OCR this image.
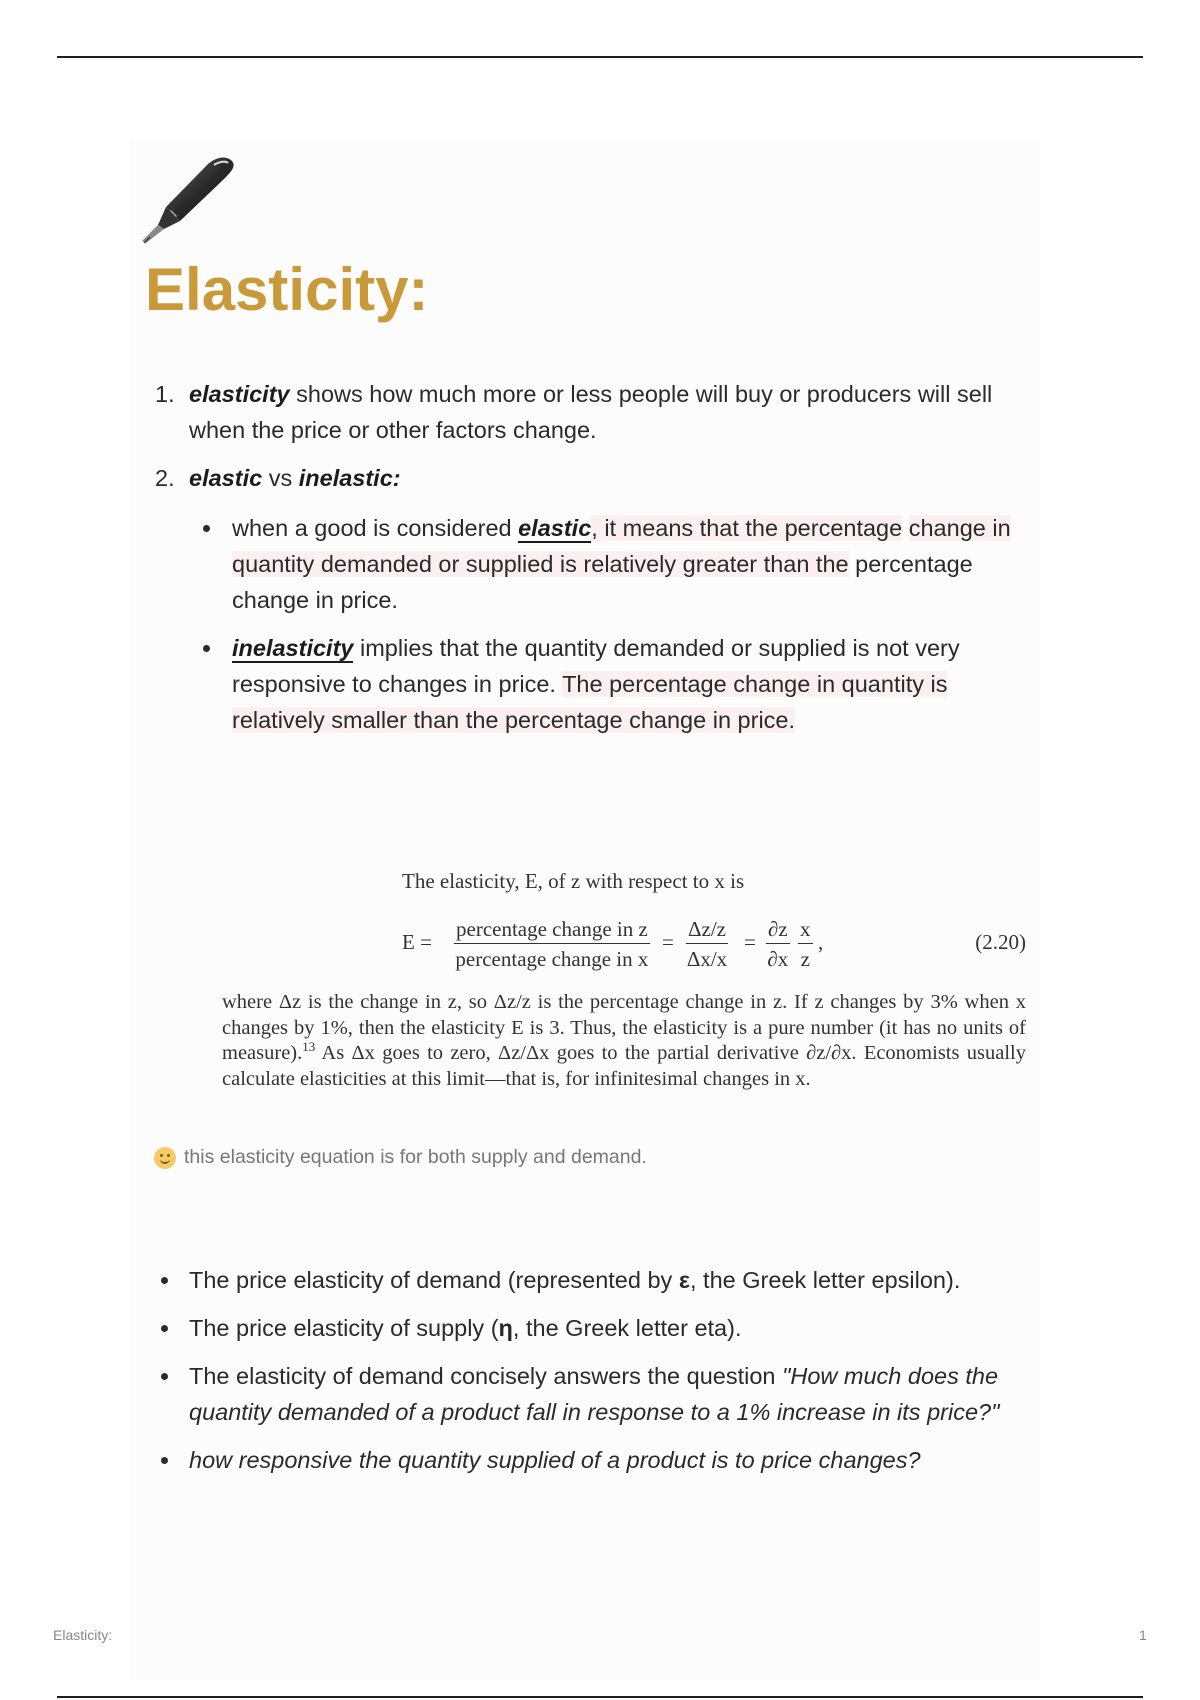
Elasticity:
1. elasticity shows how much more or less people will buy or producers will sell when the price or other factors change.
2. elastic vs inelastic:
when a good is considered elastic, it means that the percentage change in quantity demanded or supplied is relatively greater than the percentage change in price.
inelasticity implies that the quantity demanded or supplied is not very responsive to changes in price. The percentage change in quantity is relatively smaller than the percentage change in price.
The elasticity, E, of z with respect to x is
E =
percentage change in z
percentage change in x
= $\frac{\Delta z/z}{\Delta x/x} = \frac{\partial z}{\partial x} \frac{x}{z}$ ,	(2.20)
where Δz is the change in z, so Δz/z is the percentage change in z. If z changes by 3% when x changes by 1%, then the elasticity E is 3. Thus, the elasticity is a pure number (it has no units of measure).$^{13}$ As Δx goes to zero, Δz/Δx goes to the partial derivative ∂z/∂x. Economists usually calculate elasticities at this limit—that is, for infinitesimal changes in x.
this elasticity equation is for both supply and demand.
The price elasticity of demand (represented by ε, the Greek letter epsilon).
The price elasticity of supply (η, the Greek letter eta).
The elasticity of demand concisely answers the question "How much does the quantity demanded of a product fall in response to a 1% increase in its price?"
how responsive the quantity supplied of a product is to price changes?
Elasticity:	1
